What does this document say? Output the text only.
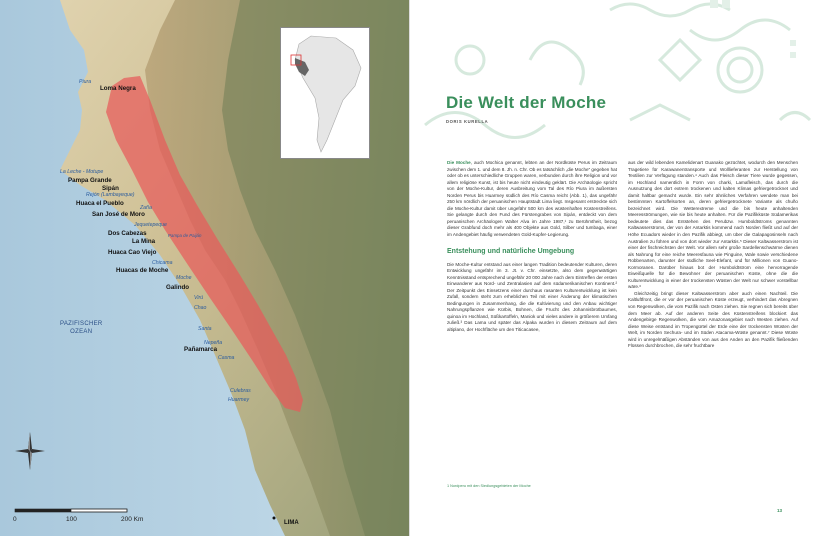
Piura
Loma Negra
La Leche - Motupe
Pampa Grande
Sipán
Rejón (Lambayeque)
Huaca el Pueblo
Zaña
San José de Moro
Jequetepeque
Dos Cabezas
La Mina
Pampa de Paiján
Huaca Cao Viejo
Chicama
Huacas de Moche
Moche
Galindo
Virú
Chao
Santa
Nepeña
Pañamarca
Casma
Culebras
Huarmey
PAZIFISCHER
OZEAN
LIMA
0	100	200 Km
Die Welt der Moche
DORIS KURELLA

Die Moche, auch Mochica genannt, lebten an der Nordküste Perus im Zeitraum zwischen dem 1. und dem 8. Jh. n. Chr. Ob es tatsächlich „die Moche“ gegeben hat oder ob es unterschiedliche Gruppen waren, verbunden durch ihre Religion und vor allem religiöse Kunst, ist bis heute nicht eindeutig geklärt. Die Archäologie spricht von der Moche-Kultur, deren Ausbreitung vom Tal des Río Piura im äußersten Norden Perus bis Huarmey südlich des Río Casma reicht (Abb. 1), das ungefähr 250 km nördlich der peruanischen Hauptstadt Lima liegt. Insgesamt erstreckte sich die Moche-Kultur damit über ungefähr 500 km des wüstenhaften Küstenstreifens. Sie gelangte durch den Fund des Fürstengrabes von Sipán, entdeckt von dem peruanischen Archäologen Walter Alva im Jahre 1987,¹ zu Berühmtheit, bezog dieser Grabfund doch mehr als 400 Objekte aus Gold, Silber und tumbaga, einer im Andengebiet häufig verwendeten Gold-Kupfer-Legierung.

Entstehung und natürliche Umgebung

Die Moche-Kultur entstand aus einer langen Tradition bedeutender Kulturen, deren Entwicklung ungefähr im 3. Jt. v. Chr. einsetzte, also dem gegenwärtigen Kenntnisstand entsprechend ungefähr 20 000 Jahre nach dem Eintreffen der ersten Einwanderer aus Nord- und Zentralasien auf dem südamerikanischen Kontinent.² Der Zeitpunkt des Einsetzens einer durchaus rasanten Kulturentwicklung ist kein Zufall, sondern steht zum erheblichen Teil mit einer Änderung der klimatischen Bedingungen in Zusammenhang, die die Kultivierung und den Anbau wichtiger Nahrungspflanzen wie Kürbis, Bohnen, die Frucht des Johannisbrotbaumes, quinoa im Hochland, Süßkartoffeln, Maniok und vieles andere in größerem Umfang zuließ.³ Das Lama und später das Alpaka wurden in diesem Zeitraum auf dem altiplano, der Hochfläche um den Titicacasee,

aus der wild lebenden Kamelidenart Guanako gezüchtet, wodurch den Menschen Tragetiere für Karawanentransporte und Wolllieferanten zur Herstellung von Textilien zur Verfügung standen.⁴ Auch das Fleisch dieser Tiere wurde gegessen, im Hochland namentlich in Form von charki, Lamafleisch, das durch die Ausnutzung des dort extrem trockenen und kalten Klimas gefriergetrocknet und damit haltbar gemacht wurde. Ein sehr ähnliches Verfahren wendete man bei bestimmten Kartoffelsorten an, deren gefriergetrocknete Variante als chuño bezeichnet wird. Die Wetterextreme und die bis heute anhaltenden Meeresströmungen, wie sie bis heute anhalten. Für die Pazifikküste Südamerikas bedeutete dies das Entstehen des Perubzw. Humboldtstroms genannten Kaltwasserstroms, der von der Antarktis kommend nach Norden fließt und auf der Höhe Ecuadors wieder in den Pazifik abbiegt, um über die Galapagosinseln nach Australien zu führen und von dort wieder zur Antarktis.⁵ Dieser Kaltwasserstrom ist einer der fischreichsten der Welt. Vor allem sehr große Sardellenschwärme dienen als Nahrung für eine reiche Meeresfauna wie Pinguine, Wale sowie verschiedene Robbenarten, darunter der südliche Seel-Elefant, und für Millionen von Guano-Kormoranen. Darüber hinaus bot der Humboldtstrom eine hervorragende Eiweißquelle für die Bewohner der peruanischen Küste, ohne die die Kulturentwicklung in einer der trockensten Wüsten der Welt nur schwer vorstellbar wäre.⁶

Gleichzeitig bringt dieser Kaltwasserstrom aber auch einen Nachteil. Die Kaltluftfront, die er vor der peruanischen Küste erzeugt, verhindert das Abregnen von Regenwolken, die vom Pazifik nach Osten ziehen. Sie regnen sich bereits über dem Meer ab. Auf der anderen Seite des Küstenstreifens blockiert das Andengebirge Regenwolken, die vom Amazonasgebiet nach Westen ziehen. Auf diese Weise entstand im Tropengürtel der Erde eine der trockensten Wüsten der Welt, im Norden Sechura- und im Süden Atacama-Wüste genannt.⁷ Diese Wüste wird in unregelmäßigen Abständen von aus den Anden an den Pazifik fließenden Flüssen durchbrochen, die sehr fruchtbare

1 Nordperu mit den Siedlungsgebieten der Moche
13
